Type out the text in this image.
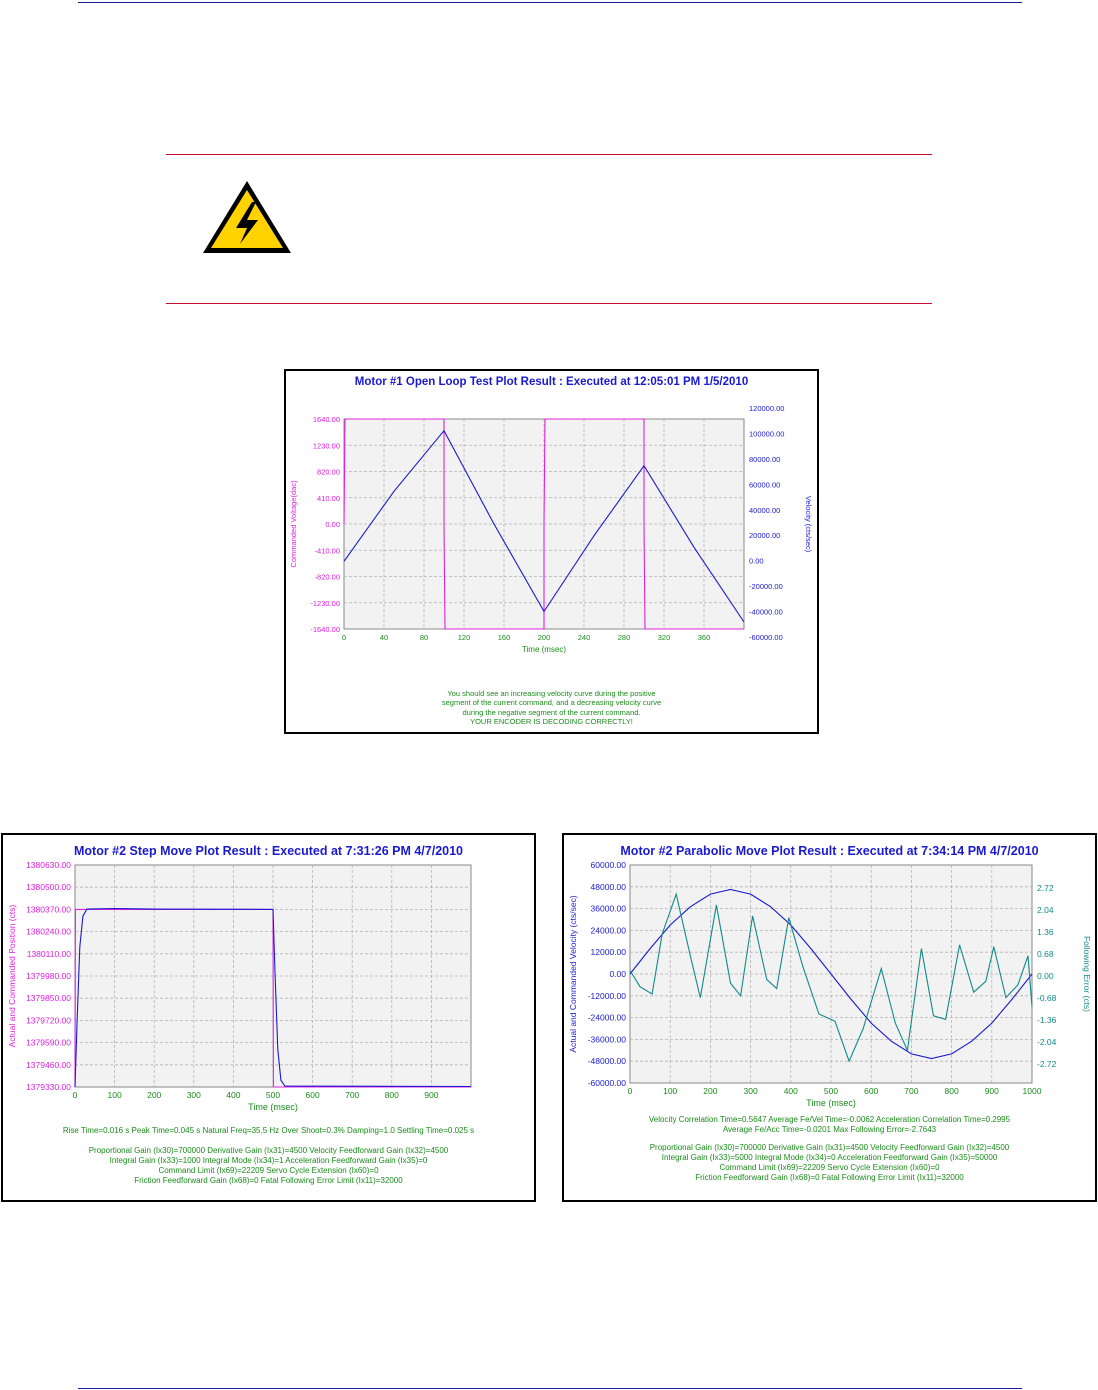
Motor #1 Open Loop Test Plot Result : Executed at 12:05:01 PM 1/5/2010
0	40	80	120	160	200	240	280	320	360
1640.00
1230.00
820.00
410.00
0.00
-410.00
-820.00
-1230.00
-1640.00
120000.00
100000.00
80000.00
60000.00
40000.00
20000.00
0.00
-20000.00
-40000.00
-60000.00
Time (msec)
Commanded Voltage(dac)	Velocity (cts/sec)
You should see an increasing velocity curve during the positive
segment of the current command, and a decreasing velocity curve
during the negative segment of the current command.
YOUR ENCODER IS DECODING CORRECTLY!
Motor #2 Step Move Plot Result : Executed at 7:31:26 PM 4/7/2010
0	100	200	300	400	500	600	700	800	900
1380630.00
1380500.00
1380370.00
1380240.00
1380110.00
1379980.00
1379850.00
1379720.00
1379590.00
1379460.00
1379330.00
Time (msec)
Actual and Commanded Position (cts)
Rise Time=0.016 s Peak Time=0.045 s Natural Freq=35.5 Hz Over Shoot=0.3% Damping=1.0 Settling Time=0.025 s
Proportional Gain (Ix30)=700000 Derivative Gain (Ix31)=4500 Velocity Feedforward Gain (Ix32)=4500
Integral Gain (Ix33)=1000 Integral Mode (Ix34)=1 Acceleration Feedforward Gain (Ix35)=0
Command Limit (Ix69)=22209 Servo Cycle Extension (Ix60)=0
Friction Feedforward Gain (Ix68)=0 Fatal Following Error Limit (Ix11)=32000
Motor #2 Parabolic Move Plot Result : Executed at 7:34:14 PM 4/7/2010
0	100	200	300	400	500	600	700	800	900	1000
60000.00
48000.00
36000.00
24000.00
12000.00
0.00
-12000.00
-24000.00
-36000.00
-48000.00
-60000.00
2.72
2.04
1.36
0.68
0.00
-0.68
-1.36
-2.04
-2.72
Time (msec)
Actual and Commanded Velocity (cts/sec)	Following Error (cts)
Velocity Correlation Time=0.5647 Average Fe/Vel Time=-0.0062 Acceleration Correlation Time=0.2995
Average Fe/Acc Time=-0.0201 Max Following Error=-2.7643
Proportional Gain (Ix30)=700000 Derivative Gain (Ix31)=4500 Velocity Feedforward Gain (Ix32)=4500
Integral Gain (Ix33)=5000 Integral Mode (Ix34)=0 Acceleration Feedforward Gain (Ix35)=50000
Command Limit (Ix69)=22209 Servo Cycle Extension (Ix60)=0
Friction Feedforward Gain (Ix68)=0 Fatal Following Error Limit (Ix11)=32000
